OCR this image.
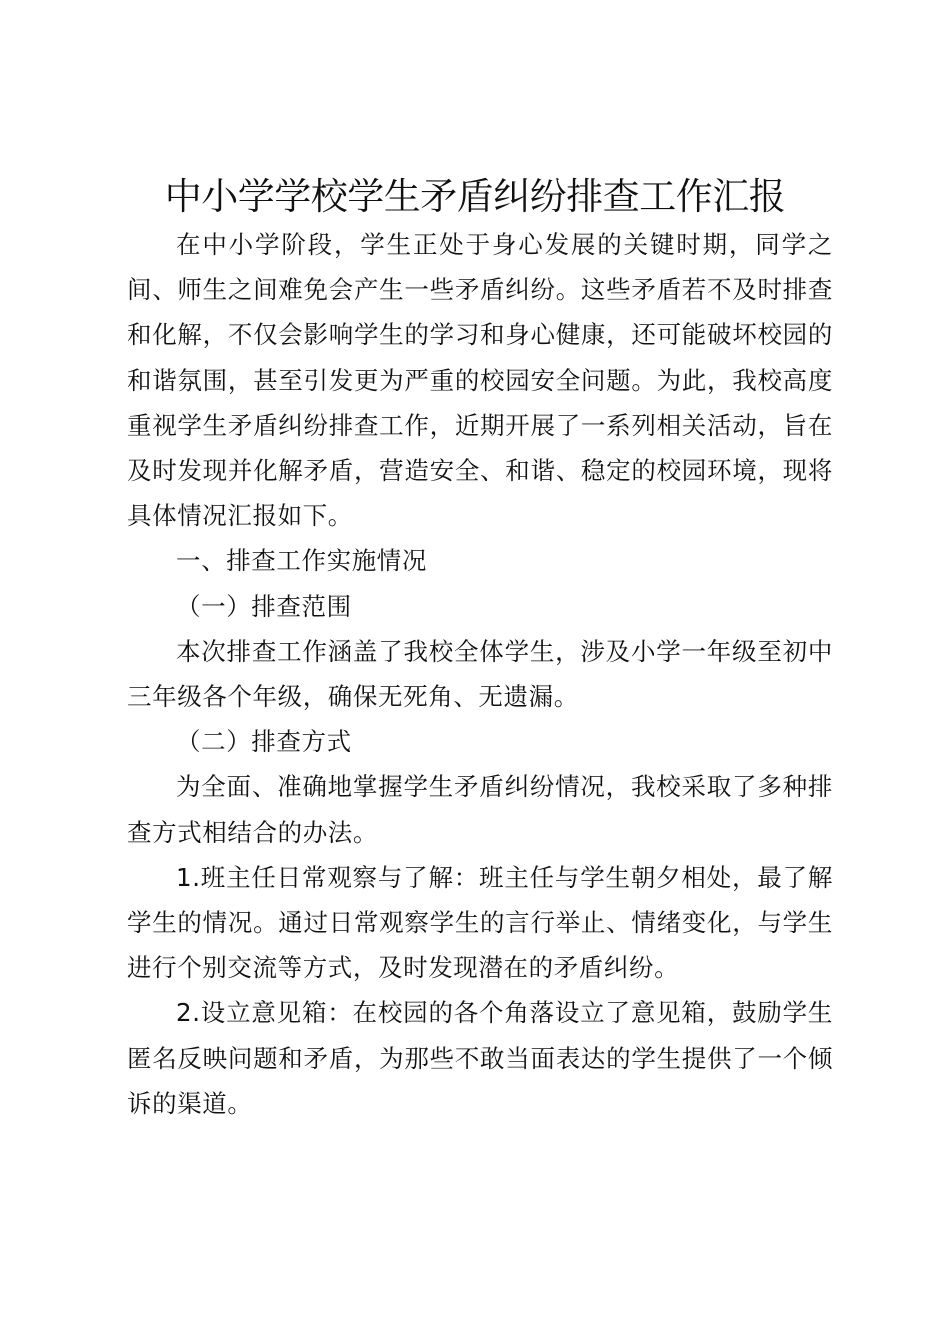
中小学学校学生矛盾纠纷排查工作汇报

在中小学阶段，学生正处于身心发展的关键时期，同学之间、师生之间难免会产生一些矛盾纠纷。这些矛盾若不及时排查和化解，不仅会影响学生的学习和身心健康，还可能破坏校园的和谐氛围，甚至引发更为严重的校园安全问题。为此，我校高度重视学生矛盾纠纷排查工作，近期开展了一系列相关活动，旨在及时发现并化解矛盾，营造安全、和谐、稳定的校园环境，现将具体情况汇报如下。

一、排查工作实施情况

（一）排查范围

本次排查工作涵盖了我校全体学生，涉及小学一年级至初中三年级各个年级，确保无死角、无遗漏。

（二）排查方式

为全面、准确地掌握学生矛盾纠纷情况，我校采取了多种排查方式相结合的办法。

1.班主任日常观察与了解：班主任与学生朝夕相处，最了解学生的情况。通过日常观察学生的言行举止、情绪变化，与学生进行个别交流等方式，及时发现潜在的矛盾纠纷。

2.设立意见箱：在校园的各个角落设立了意见箱，鼓励学生匿名反映问题和矛盾，为那些不敢当面表达的学生提供了一个倾诉的渠道。
